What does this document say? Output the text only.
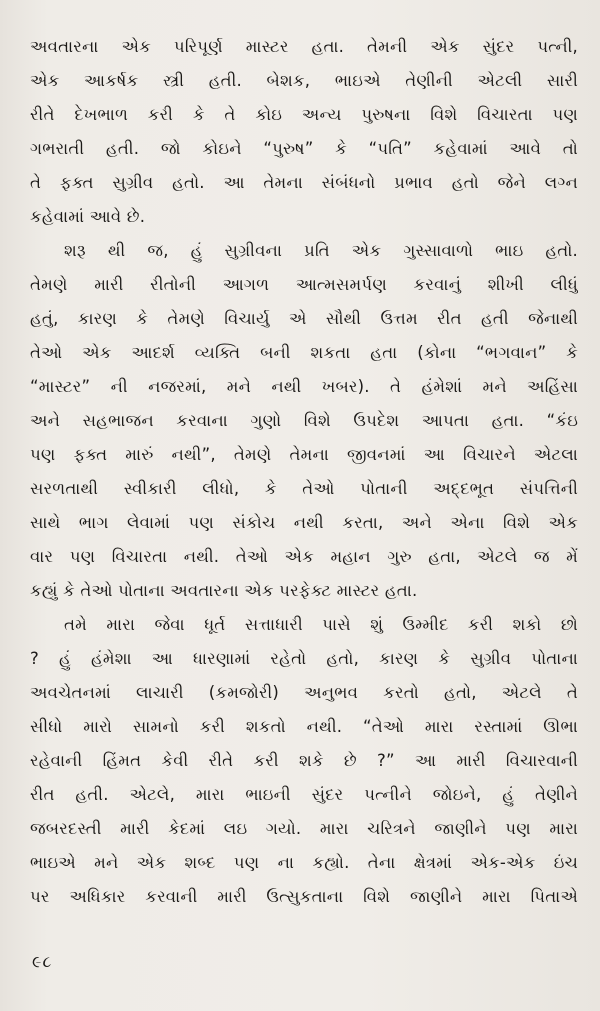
અવતારના એક પરિપૂર્ણ માસ્ટર હતા. તેમની એક સુંદર પત્ની,
એક આકર્ષક સ્ત્રી હતી. બેશક, ભાઇએ તેણીની એટલી સારી
રીતે દેખભાળ કરી કે તે કોઇ અન્ય પુરુષના વિશે વિચારતા પણ
ગભરાતી હતી. જો કોઇને “પુરુષ” કે “પતિ” કહેવામાં આવે તો
તે ફક્ત સુગ્રીવ હતો. આ તેમના સંબંધનો પ્રભાવ હતો જેને લગ્ન
કહેવામાં આવે છે.
શરૂ થી જ, હું સુગ્રીવના પ્રતિ એક ગુસ્સાવાળો ભાઇ હતો.
તેમણે મારી રીતોની આગળ આત્મસમર્પણ કરવાનું શીખી લીધું
હતું, કારણ કે તેમણે વિચાર્યુ એ સૌથી ઉત્તમ રીત હતી જેનાથી
તેઓ એક આદર્શ વ્યક્તિ બની શકતા હતા (કોના “ભગવાન” કે
“માસ્ટર” ની નજરમાં, મને નથી ખબર). તે હંમેશાં મને અહિંસા
અને સહભાજન કરવાના ગુણો વિશે ઉપદેશ આપતા હતા. “કંઇ
પણ ફક્ત મારું નથી”, તેમણે તેમના જીવનમાં આ વિચારને એટલા
સરળતાથી સ્વીકારી લીધો, કે તેઓ પોતાની અદ્દભૂત સંપત્તિની
સાથે ભાગ લેવામાં પણ સંકોચ નથી કરતા, અને એના વિશે એક
વાર પણ વિચારતા નથી. તેઓ એક મહાન ગુરુ હતા, એટલે જ મેં
કહ્યું કે તેઓ પોતાના અવતારના એક પરફેક્ટ માસ્ટર હતા.
તમે મારા જેવા ધૂર્ત સત્તાધારી પાસે શું ઉમ્મીદ કરી શકો છો
? હું હંમેશા આ ધારણામાં રહેતો હતો, કારણ કે સુગ્રીવ પોતાના
અવચેતનમાં લાચારી (કમજોરી) અનુભવ કરતો હતો, એટલે તે
સીધો મારો સામનો કરી શકતો નથી. “તેઓ મારા રસ્તામાં ઊભા
રહેવાની હિંમત કેવી રીતે કરી શકે છે ?” આ મારી વિચારવાની
રીત હતી. એટલે, મારા ભાઇની સુંદર પત્નીને જોઇને, હું તેણીને
જબરદસ્તી મારી કેદમાં લઇ ગયો. મારા ચરિત્રને જાણીને પણ મારા
ભાઇએ મને એક શબ્દ પણ ના કહ્યો. તેના ક્ષેત્રમાં એક-એક ઇંચ
પર અધિકાર કરવાની મારી ઉત્સુકતાના વિશે જાણીને મારા પિતાએ
૯૮
